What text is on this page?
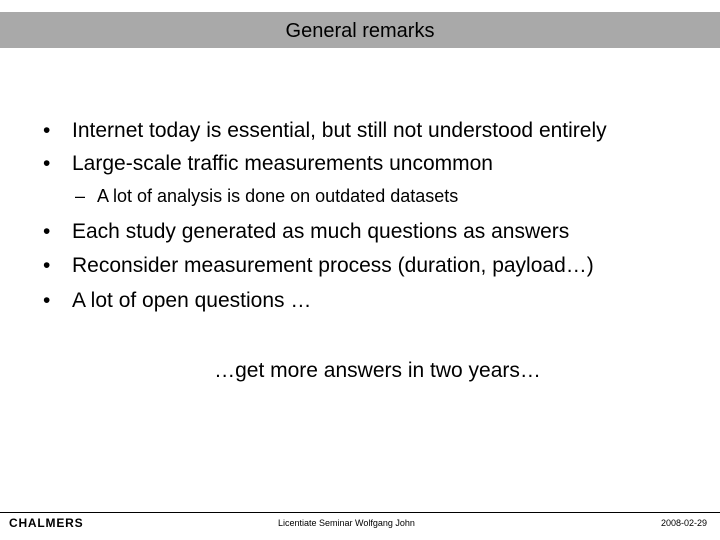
General remarks
• Internet today is essential, but still not understood entirely
• Large-scale traffic measurements uncommon
– A lot of analysis is done on outdated datasets
• Each study generated as much questions as answers
• Reconsider measurement process (duration, payload…)
• A lot of open questions …
…get more answers in two years…
CHALMERS	Licentiate Seminar Wolfgang John	2008-02-29
